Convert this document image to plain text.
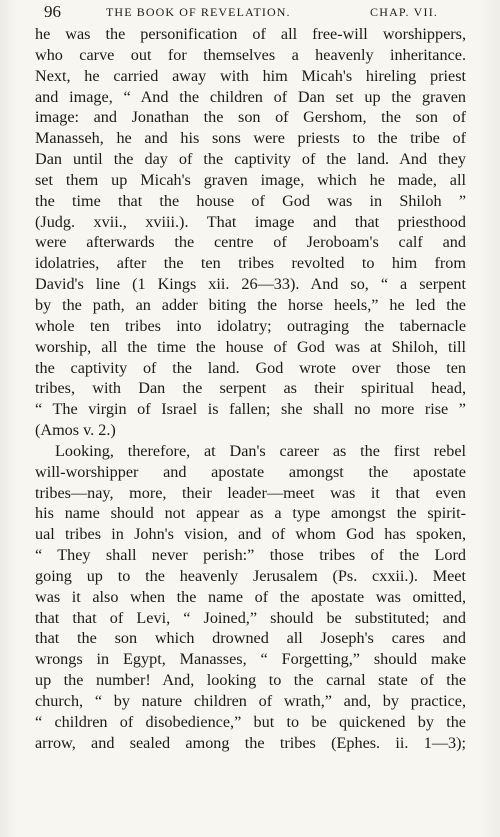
96	THE BOOK OF REVELATION.	CHAP. VII.
he was the personification of all free-will worshippers,
who carve out for themselves a heavenly inheritance.
Next, he carried away with him Micah's hireling priest
and image, “ And the children of Dan set up the graven
image: and Jonathan the son of Gershom, the son of
Manasseh, he and his sons were priests to the tribe of
Dan until the day of the captivity of the land. And they
set them up Micah's graven image, which he made, all
the time that the house of God was in Shiloh ”
(Judg. xvii., xviii.). That image and that priesthood
were afterwards the centre of Jeroboam's calf and
idolatries, after the ten tribes revolted to him from
David's line (1 Kings xii. 26—33). And so, “ a serpent
by the path, an adder biting the horse heels,” he led the
whole ten tribes into idolatry; outraging the tabernacle
worship, all the time the house of God was at Shiloh, till
the captivity of the land. God wrote over those ten
tribes, with Dan the serpent as their spiritual head,
“ The virgin of Israel is fallen; she shall no more rise ”
(Amos v. 2.)
Looking, therefore, at Dan's career as the first rebel
will-worshipper and apostate amongst the apostate
tribes—nay, more, their leader—meet was it that even
his name should not appear as a type amongst the spirit-
ual tribes in John's vision, and of whom God has spoken,
“ They shall never perish:” those tribes of the Lord
going up to the heavenly Jerusalem (Ps. cxxii.). Meet
was it also when the name of the apostate was omitted,
that that of Levi, “ Joined,” should be substituted; and
that the son which drowned all Joseph's cares and
wrongs in Egypt, Manasses, “ Forgetting,” should make
up the number! And, looking to the carnal state of the
church, “ by nature children of wrath,” and, by practice,
“ children of disobedience,” but to be quickened by the
arrow, and sealed among the tribes (Ephes. ii. 1—3);
